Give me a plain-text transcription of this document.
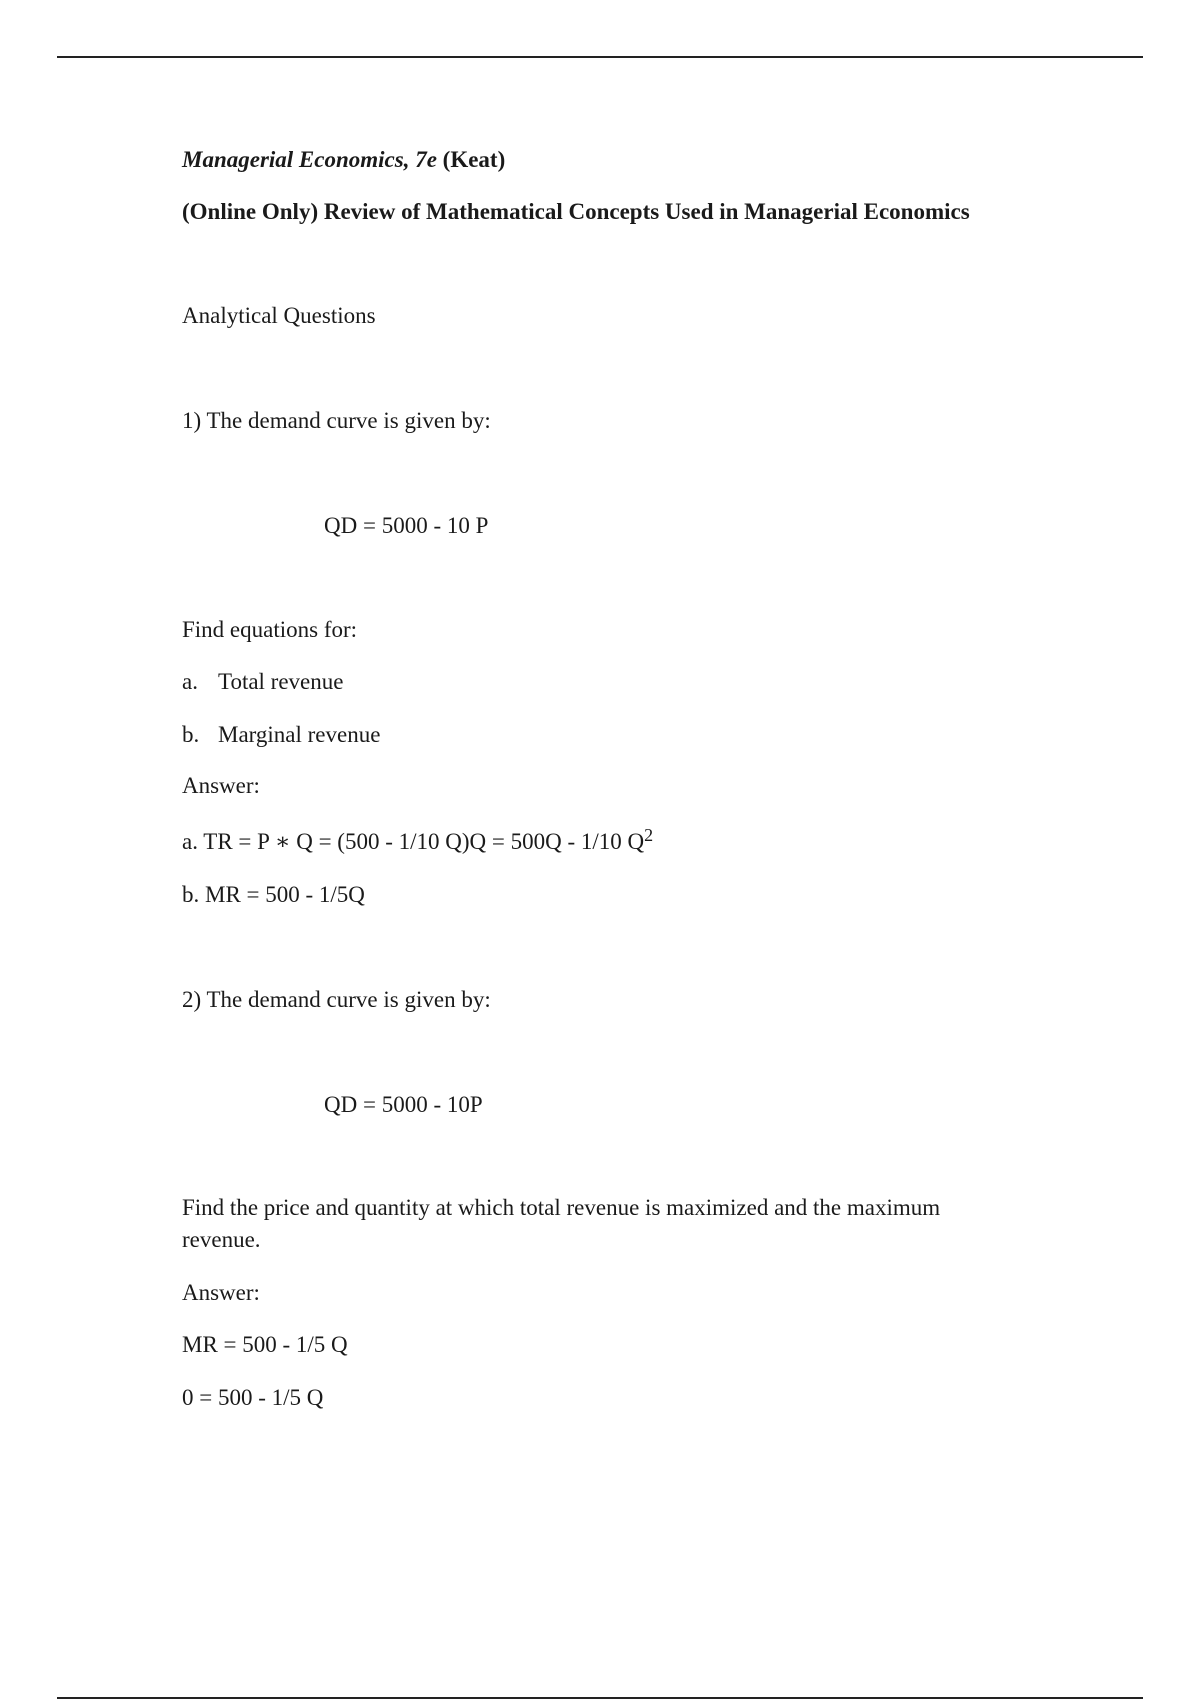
Managerial Economics, 7e (Keat)
(Online Only) Review of Mathematical Concepts Used in Managerial Economics
Analytical Questions
1) The demand curve is given by:
QD = 5000 - 10 P
Find equations for:
a. Total revenue
b. Marginal revenue
Answer:
a. TR = P ∗ Q = (500 - 1/10 Q)Q = 500Q - 1/10 $Q^2$
b. MR = 500 - 1/5Q
2) The demand curve is given by:
QD = 5000 - 10P
Find the price and quantity at which total revenue is maximized and the maximum revenue.
Answer:
MR = 500 - 1/5 Q
0 = 500 - 1/5 Q
